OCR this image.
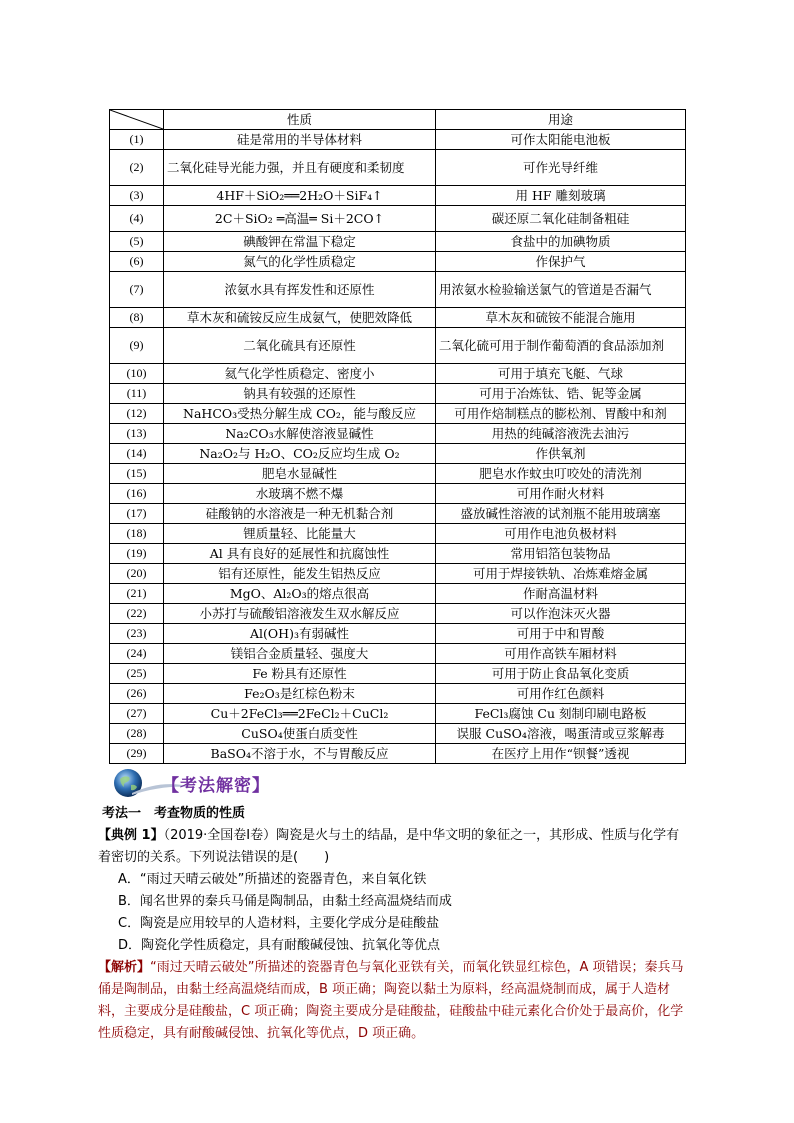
	性质	用途
(1)	硅是常用的半导体材料	可作太阳能电池板
(2)	二氧化硅导光能力强，并且有硬度和柔韧度	可作光导纤维
(3)	4HF＋SiO₂══2H₂O＋SiF₄↑	用 HF 雕刻玻璃
(4)	2C＋SiO₂ ═高温═ Si＋2CO↑	碳还原二氧化硅制备粗硅
(5)	碘酸钾在常温下稳定	食盐中的加碘物质
(6)	氮气的化学性质稳定	作保护气
(7)	浓氨水具有挥发性和还原性	用浓氨水检验输送氯气的管道是否漏气
(8)	草木灰和硫铵反应生成氨气，使肥效降低	草木灰和硫铵不能混合施用
(9)	二氧化硫具有还原性	二氧化硫可用于制作葡萄酒的食品添加剂
(10)	氦气化学性质稳定、密度小	可用于填充飞艇、气球
(11)	钠具有较强的还原性	可用于冶炼钛、锆、铌等金属
(12)	NaHCO₃受热分解生成 CO₂，能与酸反应	可用作焙制糕点的膨松剂、胃酸中和剂
(13)	Na₂CO₃水解使溶液显碱性	用热的纯碱溶液洗去油污
(14)	Na₂O₂与 H₂O、CO₂反应均生成 O₂	作供氧剂
(15)	肥皂水显碱性	肥皂水作蚊虫叮咬处的清洗剂
(16)	水玻璃不燃不爆	可用作耐火材料
(17)	硅酸钠的水溶液是一种无机黏合剂	盛放碱性溶液的试剂瓶不能用玻璃塞
(18)	锂质量轻、比能量大	可用作电池负极材料
(19)	Al 具有良好的延展性和抗腐蚀性	常用铝箔包装物品
(20)	铝有还原性，能发生铝热反应	可用于焊接铁轨、冶炼难熔金属
(21)	MgO、Al₂O₃的熔点很高	作耐高温材料
(22)	小苏打与硫酸铝溶液发生双水解反应	可以作泡沫灭火器
(23)	Al(OH)₃有弱碱性	可用于中和胃酸
(24)	镁铝合金质量轻、强度大	可用作高铁车厢材料
(25)	Fe 粉具有还原性	可用于防止食品氧化变质
(26)	Fe₂O₃是红棕色粉末	可用作红色颜料
(27)	Cu＋2FeCl₃══2FeCl₂＋CuCl₂	FeCl₃腐蚀 Cu 刻制印刷电路板
(28)	CuSO₄使蛋白质变性	误服 CuSO₄溶液，喝蛋清或豆浆解毒
(29)	BaSO₄不溶于水，不与胃酸反应	在医疗上用作“钡餐”透视
【考法解密】
考法一　考查物质的性质

【典例 1】（2019·全国卷Ⅰ卷）陶瓷是火与土的结晶，是中华文明的象征之一，其形成、性质与化学有着密切的关系。下列说法错误的是(　　)

A．“雨过天晴云破处”所描述的瓷器青色，来自氧化铁
B．闻名世界的秦兵马俑是陶制品，由黏土经高温烧结而成
C．陶瓷是应用较早的人造材料，主要化学成分是硅酸盐
D．陶瓷化学性质稳定，具有耐酸碱侵蚀、抗氧化等优点

【解析】“雨过天晴云破处”所描述的瓷器青色与氧化亚铁有关，而氧化铁显红棕色，A 项错误；秦兵马俑是陶制品，由黏土经高温烧结而成，B 项正确；陶瓷以黏土为原料，经高温烧制而成，属于人造材料，主要成分是硅酸盐，C 项正确；陶瓷主要成分是硅酸盐，硅酸盐中硅元素化合价处于最高价，化学性质稳定，具有耐酸碱侵蚀、抗氧化等优点，D 项正确。
